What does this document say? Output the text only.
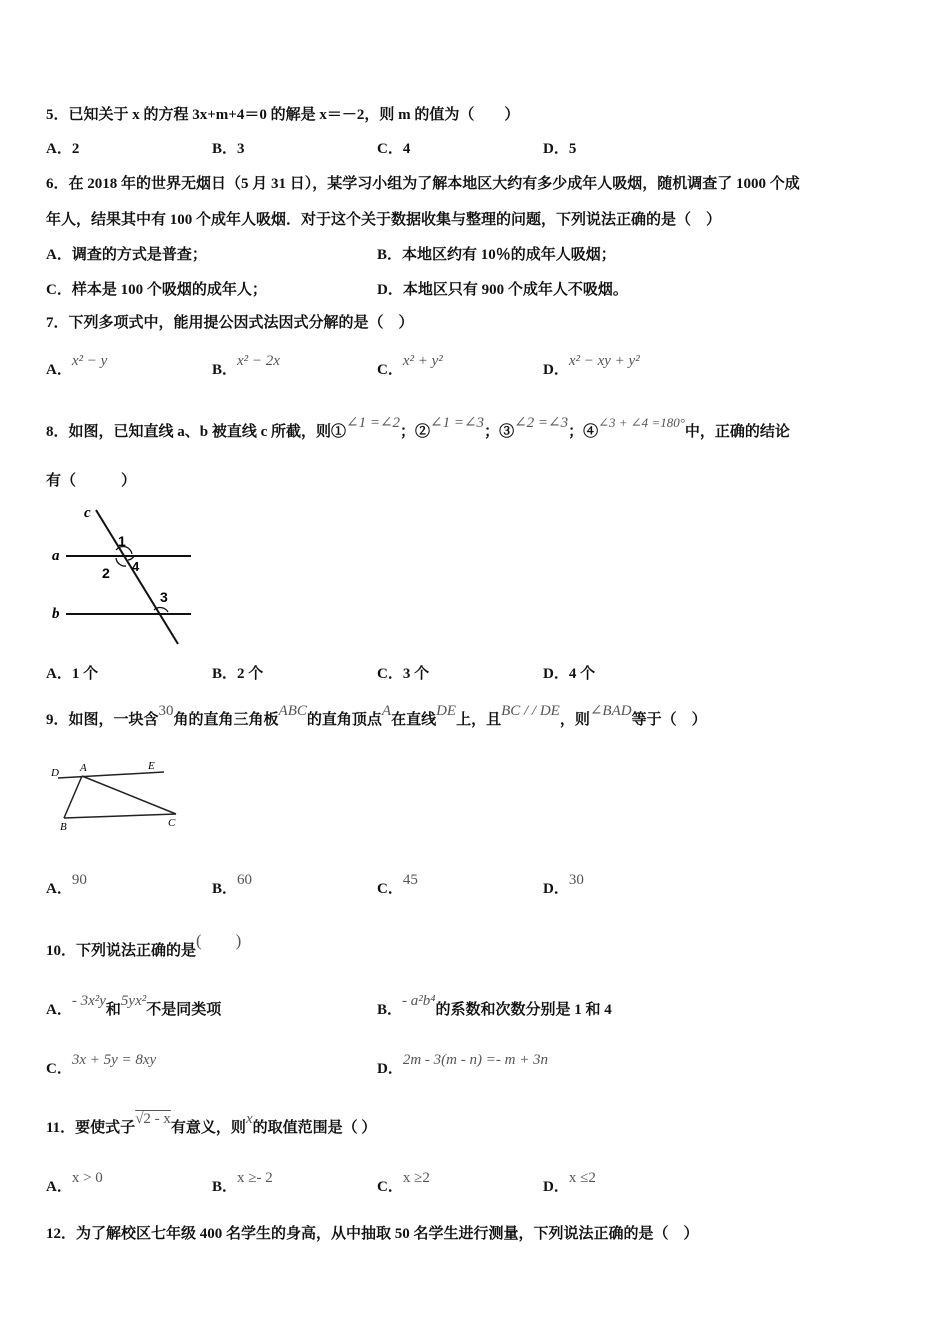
5．已知关于 x 的方程 3x+m+4＝0 的解是 x＝－2，则 m 的值为（　　）
A．2	B．3	C．4	D．5
6．在 2018 年的世界无烟日（5 月 31 日），某学习小组为了解本地区大约有多少成年人吸烟，随机调查了 1000 个成
年人，结果其中有 100 个成年人吸烟．对于这个关于数据收集与整理的问题，下列说法正确的是（　）
A．调查的方式是普查；	B．本地区约有 10％的成年人吸烟；
C．样本是 100 个吸烟的成年人；	D．本地区只有 900 个成年人不吸烟。
7．下列多项式中，能用提公因式法因式分解的是（　）
A．x² − y
B．x² − 2x
C．x² + y²
D．x² − xy + y²
8．如图，已知直线 a、b 被直线 c 所截，则①∠1 =∠2；②∠1 =∠3；③∠2 =∠3；④∠3 + ∠4 =180°中，正确的结论
有（　　　）
c
a
b
1
2 4
3
A．1 个	B．2 个	C．3 个	D．4 个
9．如图，一块含30角的直角三角板ABC的直角顶点A在直线DE上，且BC / / DE，则∠BAD等于（　）
D A	E
B	C
A．90
B．60
C．45
D．30
10．下列说法正确的是(　　)
A．- 3x²y和5yx²不是同类项	B．- a²b⁴的系数和次数分别是 1 和 4
C．3x + 5y = 8xy
D．2m - 3(m - n) =- m + 3n
11．要使式子√2 - x有意义，则x的取值范围是（ ）
A．x > 0
B．x ≥- 2
C．x ≥2
D．x ≤2
12．为了解校区七年级 400 名学生的身高，从中抽取 50 名学生进行测量，下列说法正确的是（　）
